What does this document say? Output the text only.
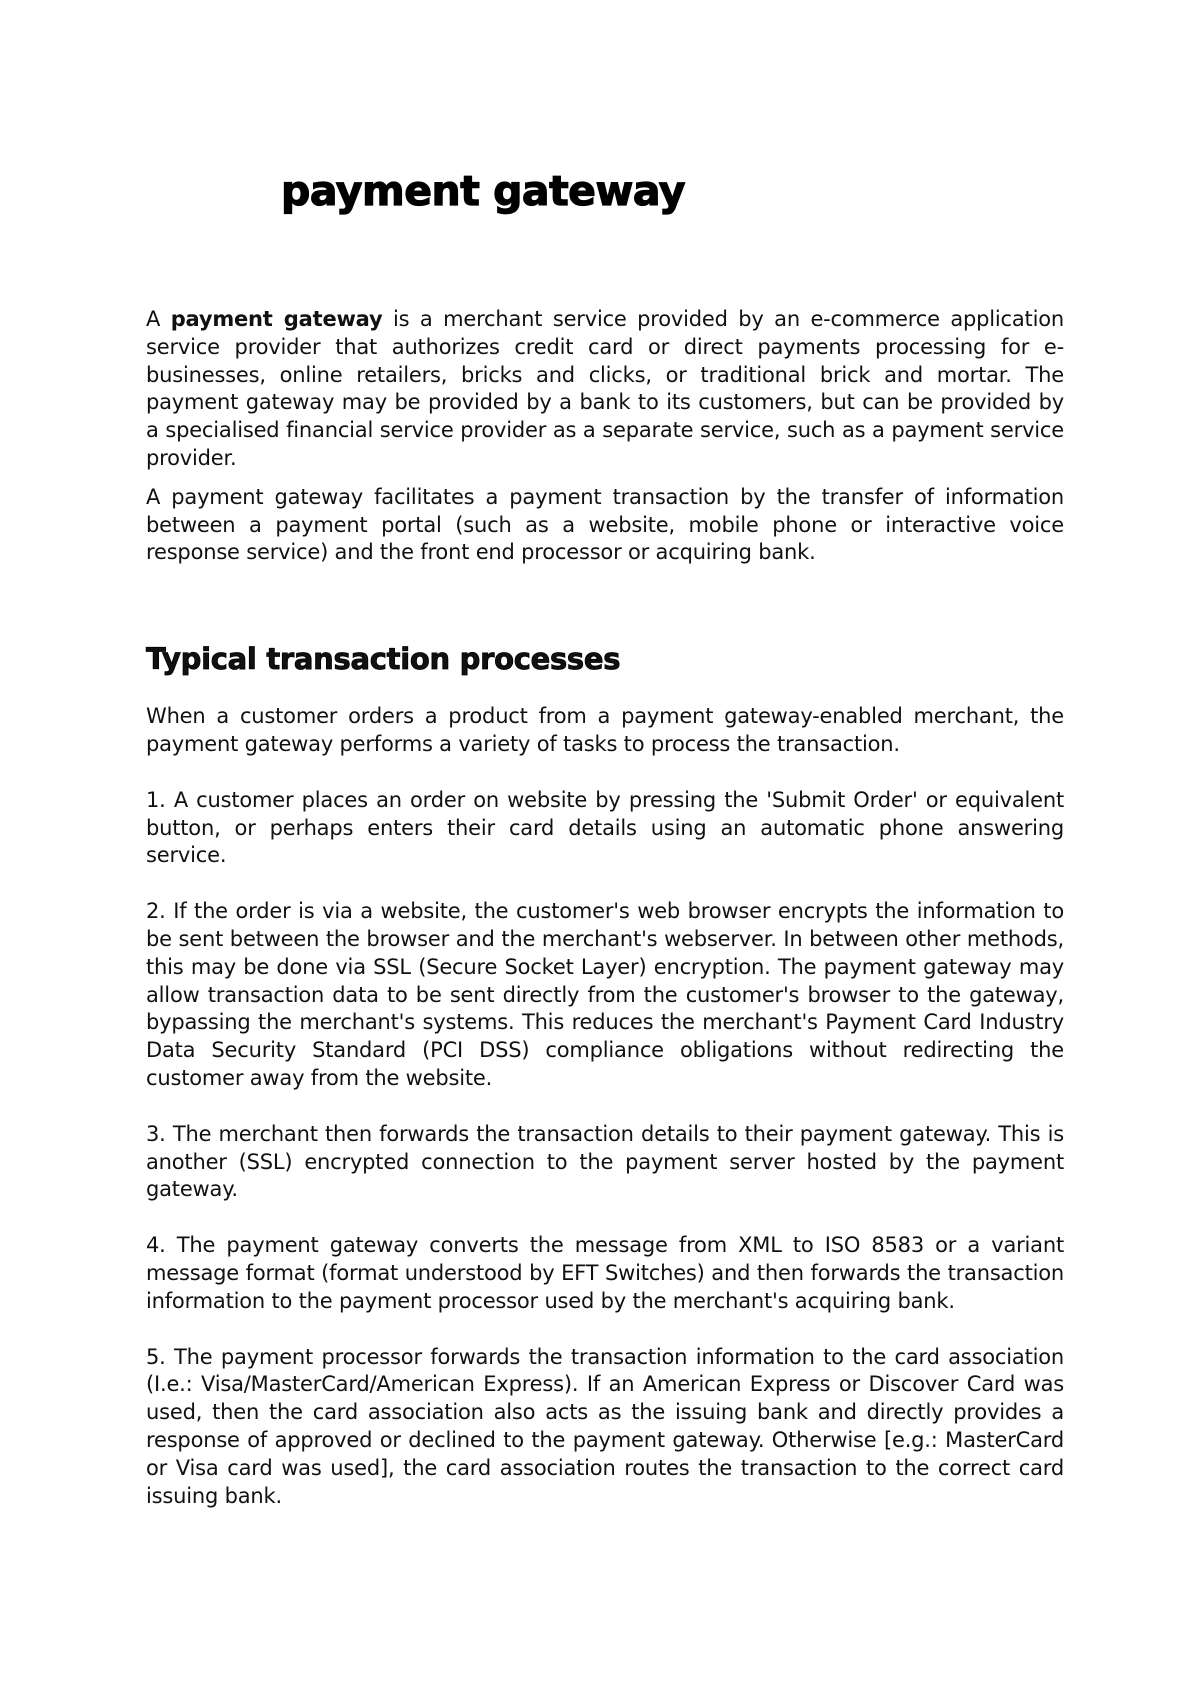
payment gateway

A payment gateway is a merchant service provided by an e-commerce application service provider that authorizes credit card or direct payments processing for e-businesses, online retailers, bricks and clicks, or traditional brick and mortar. The payment gateway may be provided by a bank to its customers, but can be provided by a specialised financial service provider as a separate service, such as a payment service provider.

A payment gateway facilitates a payment transaction by the transfer of information between a payment portal (such as a website, mobile phone or interactive voice response service) and the front end processor or acquiring bank.

Typical transaction processes

When a customer orders a product from a payment gateway-enabled merchant, the payment gateway performs a variety of tasks to process the transaction.

1. A customer places an order on website by pressing the 'Submit Order' or equivalent button, or perhaps enters their card details using an automatic phone answering service.

2. If the order is via a website, the customer's web browser encrypts the information to be sent between the browser and the merchant's webserver. In between other methods, this may be done via SSL (Secure Socket Layer) encryption. The payment gateway may allow transaction data to be sent directly from the customer's browser to the gateway, bypassing the merchant's systems. This reduces the merchant's Payment Card Industry Data Security Standard (PCI DSS) compliance obligations without redirecting the customer away from the website.

3. The merchant then forwards the transaction details to their payment gateway. This is another (SSL) encrypted connection to the payment server hosted by the payment gateway.

4. The payment gateway converts the message from XML to ISO 8583 or a variant message format (format understood by EFT Switches) and then forwards the transaction information to the payment processor used by the merchant's acquiring bank.

5. The payment processor forwards the transaction information to the card association (I.e.: Visa/MasterCard/American Express). If an American Express or Discover Card was used, then the card association also acts as the issuing bank and directly provides a response of approved or declined to the payment gateway. Otherwise [e.g.: MasterCard or Visa card was used], the card association routes the transaction to the correct card issuing bank.
